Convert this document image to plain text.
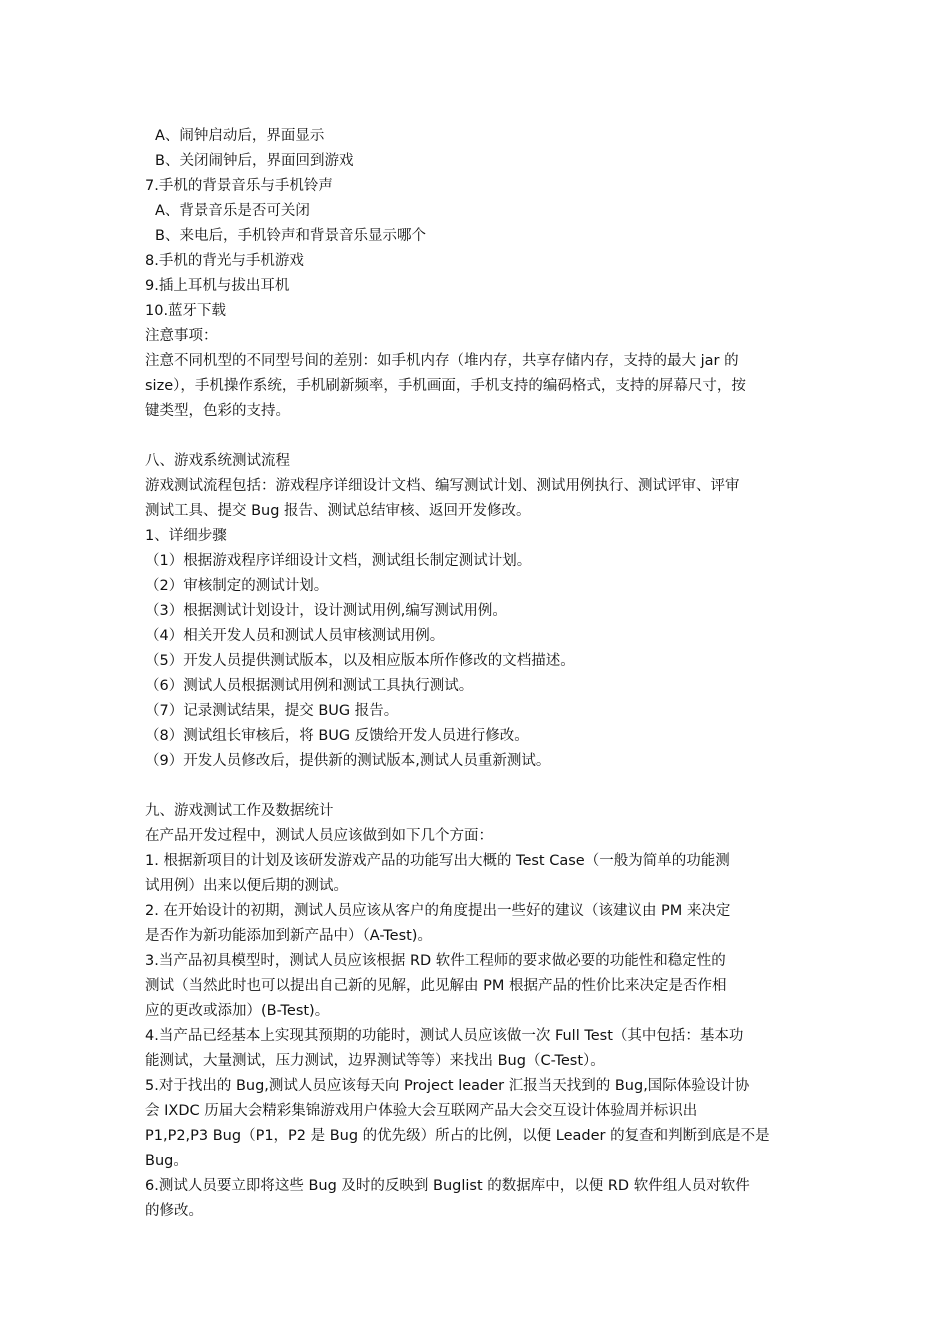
A、闹钟启动后，界面显示
B、关闭闹钟后，界面回到游戏
7.手机的背景音乐与手机铃声
A、背景音乐是否可关闭
B、来电后，手机铃声和背景音乐显示哪个
8.手机的背光与手机游戏
9.插上耳机与拔出耳机
10.蓝牙下载
注意事项：
注意不同机型的不同型号间的差别：如手机内存（堆内存，共享存储内存，支持的最大 jar 的
size），手机操作系统，手机刷新频率，手机画面，手机支持的编码格式，支持的屏幕尺寸，按
键类型，色彩的支持。
八、游戏系统测试流程
游戏测试流程包括：游戏程序详细设计文档、编写测试计划、测试用例执行、测试评审、评审
测试工具、提交 Bug 报告、测试总结审核、返回开发修改。
1、详细步骤
（1）根据游戏程序详细设计文档，测试组长制定测试计划。
（2）审核制定的测试计划。
（3）根据测试计划设计，设计测试用例,编写测试用例。
（4）相关开发人员和测试人员审核测试用例。
（5）开发人员提供测试版本，以及相应版本所作修改的文档描述。
（6）测试人员根据测试用例和测试工具执行测试。
（7）记录测试结果，提交 BUG 报告。
（8）测试组长审核后，将 BUG 反馈给开发人员进行修改。
（9）开发人员修改后，提供新的测试版本,测试人员重新测试。
九、游戏测试工作及数据统计
在产品开发过程中，测试人员应该做到如下几个方面：
1. 根据新项目的计划及该研发游戏产品的功能写出大概的 Test Case（一般为简单的功能测
试用例）出来以便后期的测试。
2. 在开始设计的初期，测试人员应该从客户的角度提出一些好的建议（该建议由 PM 来决定
是否作为新功能添加到新产品中）（A-Test)。
3.当产品初具模型时，测试人员应该根据 RD 软件工程师的要求做必要的功能性和稳定性的
测试（当然此时也可以提出自己新的见解，此见解由 PM 根据产品的性价比来决定是否作相
应的更改或添加）(B-Test)。
4.当产品已经基本上实现其预期的功能时，测试人员应该做一次 Full Test（其中包括：基本功
能测试，大量测试，压力测试，边界测试等等）来找出 Bug（C-Test）。
5.对于找出的 Bug,测试人员应该每天向 Project leader 汇报当天找到的 Bug,国际体验设计协
会 IXDC 历届大会精彩集锦游戏用户体验大会互联网产品大会交互设计体验周并标识出
P1,P2,P3 Bug（P1，P2 是 Bug 的优先级）所占的比例，以便 Leader 的复查和判断到底是不是
Bug。
6.测试人员要立即将这些 Bug 及时的反映到 Buglist 的数据库中，以便 RD 软件组人员对软件
的修改。
